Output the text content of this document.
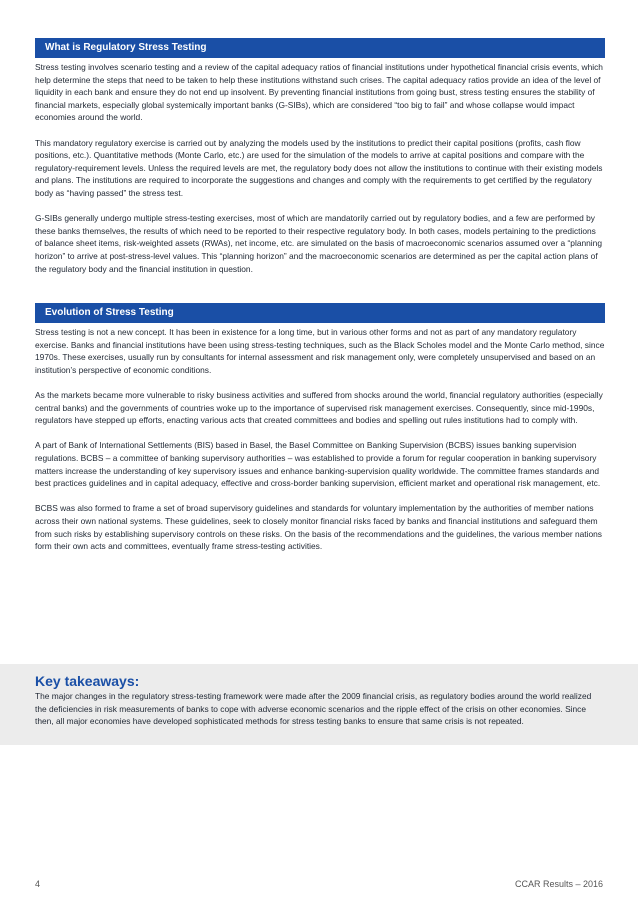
What is Regulatory Stress Testing

Stress testing involves scenario testing and a review of the capital adequacy ratios of financial institutions under hypothetical financial crisis events, which help determine the steps that need to be taken to help these institutions withstand such crises. The capital adequacy ratios provide an idea of the level of liquidity in each bank and ensure they do not end up insolvent. By preventing financial institutions from going bust, stress testing ensures the stability of financial markets, especially global systemically important banks (G-SIBs), which are considered “too big to fail” and whose collapse would impact economies around the world.

This mandatory regulatory exercise is carried out by analyzing the models used by the institutions to predict their capital positions (profits, cash flow positions, etc.). Quantitative methods (Monte Carlo, etc.) are used for the simulation of the models to arrive at capital positions and compare with the regulatory-requirement levels. Unless the required levels are met, the regulatory body does not allow the institutions to continue with their existing models and plans. The institutions are required to incorporate the suggestions and changes and comply with the requirements to get certified by the regulatory body as “having passed” the stress test.

G-SIBs generally undergo multiple stress-testing exercises, most of which are mandatorily carried out by regulatory bodies, and a few are performed by these banks themselves, the results of which need to be reported to their respective regulatory body. In both cases, models pertaining to the predictions of balance sheet items, risk-weighted assets (RWAs), net income, etc. are simulated on the basis of macroeconomic scenarios assumed over a “planning horizon” to arrive at post-stress-level values. This “planning horizon” and the macroeconomic scenarios are determined as per the capital action plans of the regulatory body and the financial institution in question.

Evolution of Stress Testing

Stress testing is not a new concept. It has been in existence for a long time, but in various other forms and not as part of any mandatory regulatory exercise. Banks and financial institutions have been using stress-testing techniques, such as the Black Scholes model and the Monte Carlo method, since 1970s. These exercises, usually run by consultants for internal assessment and risk management only, were completely unsupervised and based on an institution’s perspective of economic conditions.

As the markets became more vulnerable to risky business activities and suffered from shocks around the world, financial regulatory authorities (especially central banks) and the governments of countries woke up to the importance of supervised risk management exercises. Consequently, since mid-1990s, regulators have stepped up efforts, enacting various acts that created committees and bodies and spelling out rules institutions had to comply with.

A part of Bank of International Settlements (BIS) based in Basel, the Basel Committee on Banking Supervision (BCBS) issues banking supervision regulations. BCBS – a committee of banking supervisory authorities – was established to provide a forum for regular cooperation in banking supervisory matters increase the understanding of key supervisory issues and enhance banking-supervision quality worldwide. The committee frames standards and best practices guidelines and in capital adequacy, effective and cross-border banking supervision, efficient market and operational risk management, etc.

BCBS was also formed to frame a set of broad supervisory guidelines and standards for voluntary implementation by the authorities of member nations across their own national systems. These guidelines, seek to closely monitor financial risks faced by banks and financial institutions and safeguard them from such risks by establishing supervisory controls on these risks. On the basis of the recommendations and the guidelines, the various member nations form their own acts and committees, eventually frame stress-testing activities.

Key takeaways:
The major changes in the regulatory stress-testing framework were made after the 2009 financial crisis, as regulatory bodies around the world realized the deficiencies in risk measurements of banks to cope with adverse economic scenarios and the ripple effect of the crisis on other economies. Since then, all major economies have developed sophisticated methods for stress testing banks to ensure that same crisis is not repeated.
4	CCAR Results – 2016
